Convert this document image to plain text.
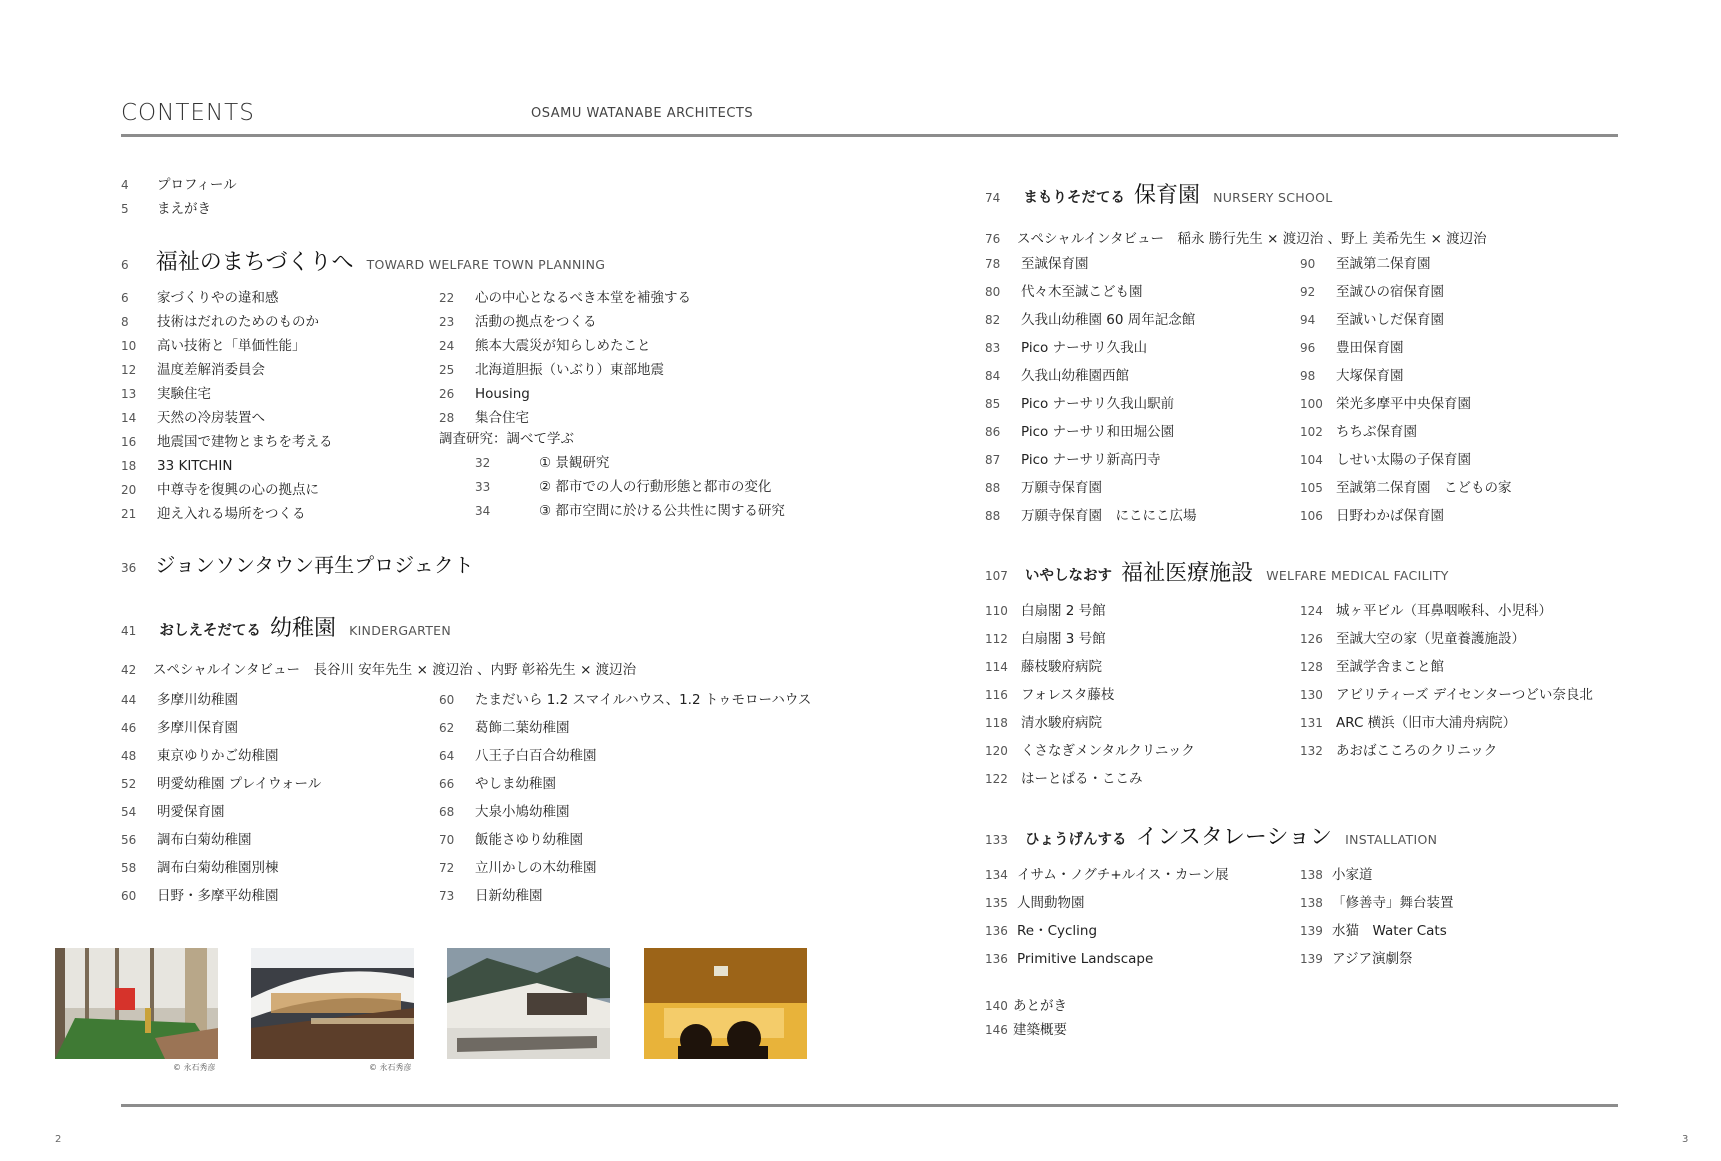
CONTENTS	OSAMU WATANABE ARCHITECTS
4 プロフィール
5 まえがき
6 福祉のまちづくりへ TOWARD WELFARE TOWN PLANNING
6 家づくりやの違和感
8 技術はだれのためのものか
10 高い技術と「単価性能」
12 温度差解消委員会
13 実験住宅
14 天然の冷房装置へ
16 地震国で建物とまちを考える
18 33 KITCHIN
20 中尊寺を復興の心の拠点に
21 迎え入れる場所をつくる
22 心の中心となるべき本堂を補強する
23 活動の拠点をつくる
24 熊本大震災が知らしめたこと
25 北海道胆振（いぶり）東部地震
26 Housing
28 集合住宅
調査研究：調べて学ぶ
32	① 景観研究
33	② 都市での人の行動形態と都市の変化
34	③ 都市空間に於ける公共性に関する研究
36 ジョンソンタウン再生プロジェクト
41 おしえそだてる 幼稚園 KINDERGARTEN
42 スペシャルインタビュー　長谷川 安年先生 × 渡辺治 、内野 彰裕先生 × 渡辺治
44 多摩川幼稚園
46 多摩川保育園
48 東京ゆりかご幼稚園
52 明愛幼稚園 プレイウォール
54 明愛保育園
56 調布白菊幼稚園
58 調布白菊幼稚園別棟
60 日野・多摩平幼稚園
60 たまだいら 1.2 スマイルハウス、1.2 トゥモローハウス
62 葛飾二葉幼稚園
64 八王子白百合幼稚園
66 やしま幼稚園
68 大泉小鳩幼稚園
70 飯能さゆり幼稚園
72 立川かしの木幼稚園
73 日新幼稚園
© 永石秀彦	© 永石秀彦
74 まもりそだてる 保育園 NURSERY SCHOOL
76 スペシャルインタビュー　稲永 勝行先生 × 渡辺治 、野上 美希先生 × 渡辺治
78 至誠保育園
80 代々木至誠こども園
82 久我山幼稚園 60 周年記念館
83 Pico ナーサリ久我山
84 久我山幼稚園西館
85 Pico ナーサリ久我山駅前
86 Pico ナーサリ和田堀公園
87 Pico ナーサリ新高円寺
88 万願寺保育園
88 万願寺保育園　にこにこ広場
90 至誠第二保育園
92 至誠ひの宿保育園
94 至誠いしだ保育園
96 豊田保育園
98 大塚保育園
100 栄光多摩平中央保育園
102 ちちぶ保育園
104 しせい太陽の子保育園
105 至誠第二保育園　こどもの家
106 日野わかば保育園
107 いやしなおす 福祉医療施設 WELFARE MEDICAL FACILITY
110 白扇閣 2 号館
112 白扇閣 3 号館
114 藤枝駿府病院
116 フォレスタ藤枝
118 清水駿府病院
120 くさなぎメンタルクリニック
122 はーとぱる・ここみ
124 城ヶ平ビル（耳鼻咽喉科、小児科）
126 至誠大空の家（児童養護施設）
128 至誠学舎まこと館
130 アビリティーズ デイセンターつどい奈良北
131 ARC 横浜（旧市大浦舟病院）
132 あおばこころのクリニック
133 ひょうげんする インスタレーション INSTALLATION
134 イサム・ノグチ+ルイス・カーン展
135 人間動物園
136 Re・Cycling
136 Primitive Landscape
138 小家道
138 「修善寺」舞台装置
139 水猫　Water Cats
139 アジア演劇祭
140 あとがき
146 建築概要
2	3
